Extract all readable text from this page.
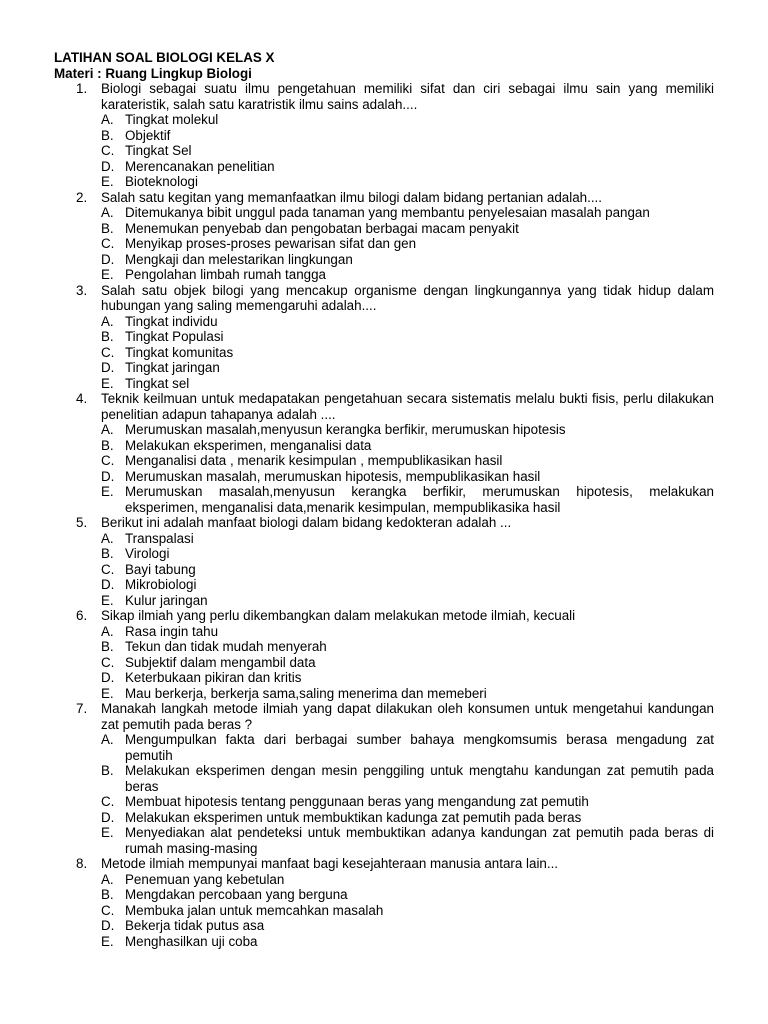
LATIHAN SOAL BIOLOGI KELAS X
Materi : Ruang Lingkup Biologi
1. Biologi sebagai suatu ilmu pengetahuan memiliki sifat dan ciri sebagai ilmu sain yang memiliki karateristik, salah satu karatristik ilmu sains adalah....
A. Tingkat molekul
B. Objektif
C. Tingkat Sel
D. Merencanakan penelitian
E. Bioteknologi
2. Salah satu kegitan yang memanfaatkan ilmu bilogi dalam bidang pertanian adalah....
A. Ditemukanya bibit unggul pada tanaman yang membantu penyelesaian masalah pangan
B. Menemukan penyebab dan pengobatan berbagai macam penyakit
C. Menyikap proses-proses pewarisan sifat dan gen
D. Mengkaji dan melestarikan lingkungan
E. Pengolahan limbah rumah tangga
3. Salah satu objek bilogi yang mencakup organisme dengan lingkungannya yang tidak hidup dalam hubungan yang saling memengaruhi adalah....
A. Tingkat individu
B. Tingkat Populasi
C. Tingkat komunitas
D. Tingkat jaringan
E. Tingkat sel
4. Teknik keilmuan untuk medapatakan pengetahuan secara sistematis melalu bukti fisis, perlu dilakukan penelitian adapun tahapanya adalah ....
A. Merumuskan masalah,menyusun kerangka berfikir, merumuskan hipotesis
B. Melakukan eksperimen, menganalisi data
C. Menganalisi data , menarik kesimpulan , mempublikasikan hasil
D. Merumuskan masalah, merumuskan hipotesis, mempublikasikan hasil
E. Merumuskan masalah,menyusun kerangka berfikir, merumuskan hipotesis, melakukan eksperimen, menganalisi data,menarik kesimpulan, mempublikasika hasil
5. Berikut ini adalah manfaat biologi dalam bidang kedokteran adalah ...
A. Transpalasi
B. Virologi
C. Bayi tabung
D. Mikrobiologi
E. Kulur jaringan
6. Sikap ilmiah yang perlu dikembangkan dalam melakukan metode ilmiah, kecuali
A. Rasa ingin tahu
B. Tekun dan tidak mudah menyerah
C. Subjektif dalam mengambil data
D. Keterbukaan pikiran dan kritis
E. Mau berkerja, berkerja sama,saling menerima dan memeberi
7. Manakah langkah metode ilmiah yang dapat dilakukan oleh konsumen untuk mengetahui kandungan zat pemutih pada beras ?
A. Mengumpulkan fakta dari berbagai sumber bahaya mengkomsumis berasa mengadung zat pemutih
B. Melakukan eksperimen dengan mesin penggiling untuk mengtahu kandungan zat pemutih pada beras
C. Membuat hipotesis tentang penggunaan beras yang mengandung zat pemutih
D. Melakukan eksperimen untuk membuktikan kadunga zat pemutih pada beras
E. Menyediakan alat pendeteksi untuk membuktikan adanya kandungan zat pemutih pada beras di rumah masing-masing
8. Metode ilmiah mempunyai manfaat bagi kesejahteraan manusia antara lain...
A. Penemuan yang kebetulan
B. Mengdakan percobaan yang berguna
C. Membuka jalan untuk memcahkan masalah
D. Bekerja tidak putus asa
E. Menghasilkan uji coba
